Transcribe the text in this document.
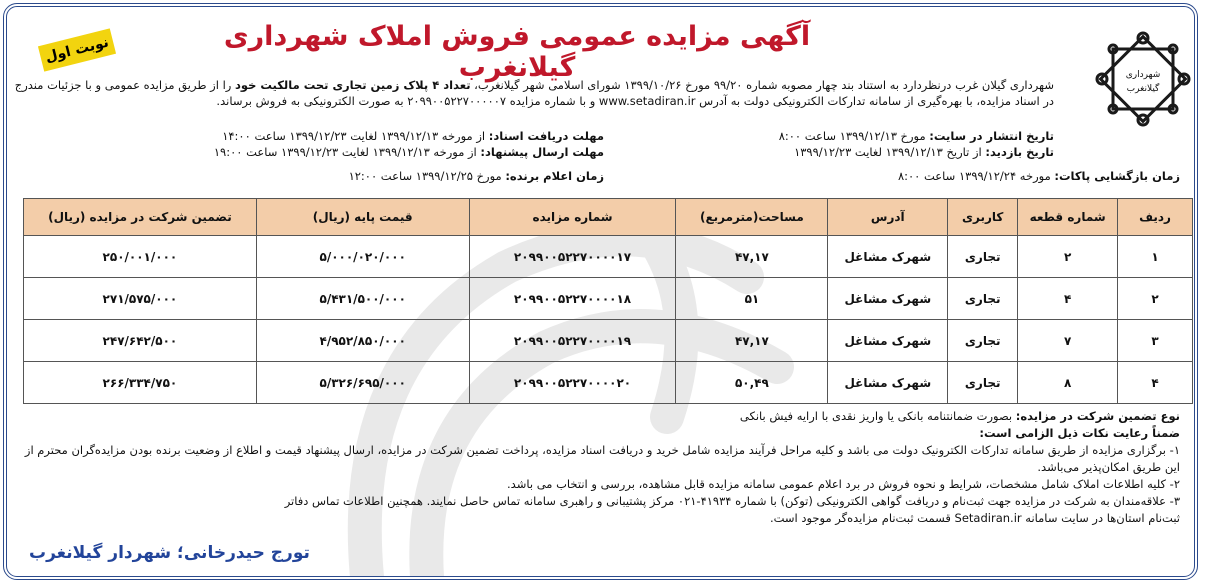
آگهی مزایده عمومی فروش املاک شهرداری گیلانغرب
نوبت اول
شهرداری
گیلانغرب
شهرداری گیلان غرب درنظردارد به استناد بند چهار مصوبه شماره ۹۹/۲۰ مورخ ۱۳۹۹/۱۰/۲۶ شورای اسلامی شهر گیلانغرب، تعداد ۴ پلاک زمین تجاری تحت مالکیت خود را از طریق مزایده عمومی و با جزئیات مندرج در اسناد مزایده، با بهره‌گیری از سامانه تدارکات الکترونیکی دولت به آدرس www.setadiran.ir و با شماره مزایده ۲۰۹۹۰۰۵۲۲۷۰۰۰۰۰۷ به صورت الکترونیکی به فروش برساند.
تاریخ انتشار در سایت: مورخ ۱۳۹۹/۱۲/۱۳ ساعت ۸:۰۰
تاریخ بازدید: از تاریخ ۱۳۹۹/۱۲/۱۳ لغایت ۱۳۹۹/۱۲/۲۳
مهلت دریافت اسناد: از مورخه ۱۳۹۹/۱۲/۱۳ لغایت ۱۳۹۹/۱۲/۲۳ ساعت ۱۴:۰۰
مهلت ارسال پیشنهاد: از مورخه ۱۳۹۹/۱۲/۱۳ لغایت ۱۳۹۹/۱۲/۲۳ ساعت ۱۹:۰۰
زمان بازگشایی پاکات: مورخه ۱۳۹۹/۱۲/۲۴ ساعت ۸:۰۰
زمان اعلام برنده: مورخ ۱۳۹۹/۱۲/۲۵ ساعت ۱۲:۰۰
ردیف	شماره قطعه	کاربری	آدرس	مساحت(مترمربع)	شماره مزایده	قیمت پایه (ریال)	تضمین شرکت در مزایده (ریال)
۱	۲	تجاری	شهرک مشاغل	۴۷,۱۷	۲۰۹۹۰۰۵۲۲۷۰۰۰۰۱۷	۵/۰۰۰/۰۲۰/۰۰۰	۲۵۰/۰۰۱/۰۰۰
۲	۴	تجاری	شهرک مشاغل	۵۱	۲۰۹۹۰۰۵۲۲۷۰۰۰۰۱۸	۵/۴۳۱/۵۰۰/۰۰۰	۲۷۱/۵۷۵/۰۰۰
۳	۷	تجاری	شهرک مشاغل	۴۷,۱۷	۲۰۹۹۰۰۵۲۲۷۰۰۰۰۱۹	۴/۹۵۲/۸۵۰/۰۰۰	۲۴۷/۶۴۲/۵۰۰
۴	۸	تجاری	شهرک مشاغل	۵۰,۴۹	۲۰۹۹۰۰۵۲۲۷۰۰۰۰۲۰	۵/۳۲۶/۶۹۵/۰۰۰	۲۶۶/۳۳۴/۷۵۰
نوع تضمین شرکت در مزایده: بصورت ضمانتنامه بانکی یا واریز نقدی با ارایه فیش بانکی
ضمناً رعایت نکات ذیل الزامی است:
۱- برگزاری مزایده از طریق سامانه تدارکات الکترونیک دولت می باشد و کلیه مراحل فرآیند مزایده شامل خرید و دریافت اسناد مزایده، پرداخت تضمین شرکت در مزایده، ارسال پیشنهاد قیمت و اطلاع از وضعیت برنده بودن مزایده‌گران محترم از این طریق امکان‌پذیر می‌باشد.
۲- کلیه اطلاعات املاک شامل مشخصات، شرایط و نحوه فروش در برد اعلام عمومی سامانه مزایده قابل مشاهده، بررسی و انتخاب می باشد.
۳- علاقه‌مندان به شرکت در مزایده جهت ثبت‌نام و دریافت گواهی الکترونیکی (توکن) با شماره ۴۱۹۳۴-۰۲۱ مرکز پشتیبانی و راهبری سامانه تماس حاصل نمایند. همچنین اطلاعات تماس دفاتر ثبت‌نام استان‌ها در سایت سامانه Setadiran.ir قسمت ثبت‌نام مزایده‌گر موجود است.
تورج حیدرخانی؛ شهردار گیلانغرب
